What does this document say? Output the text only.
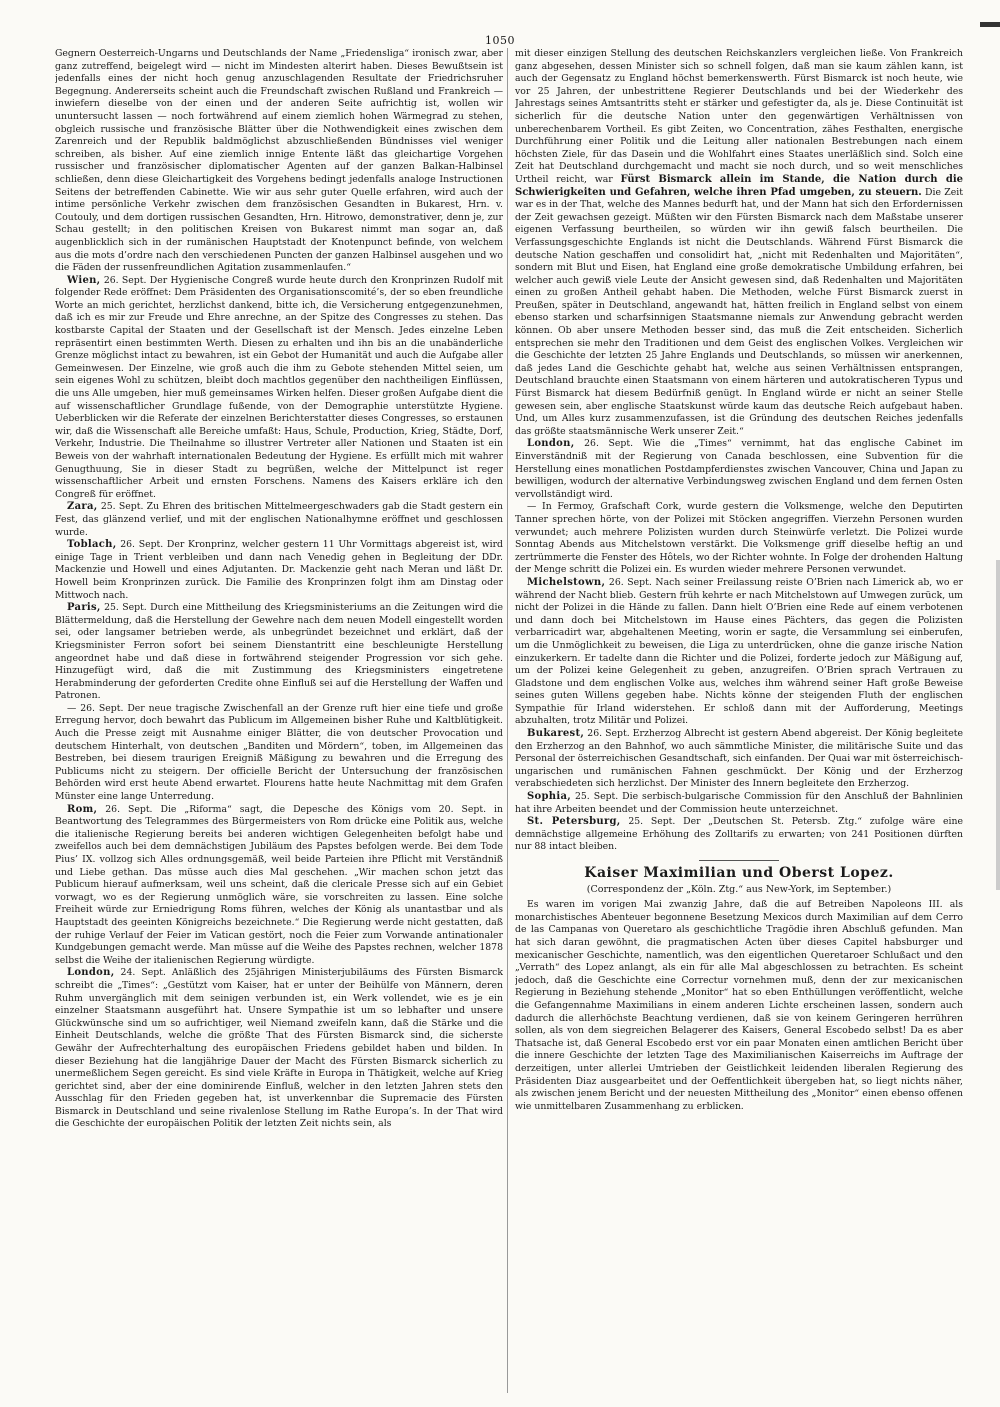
1050

Gegnern Oesterreich-Ungarns und Deutschlands der Name „Friedensliga“ ironisch zwar, aber ganz zutreffend, beigelegt wird — nicht im Mindesten alterirt haben. Dieses Bewußtsein ist jedenfalls eines der nicht hoch genug anzuschlagenden Resultate der Friedrichsruher Begegnung. Andererseits scheint auch die Freundschaft zwischen Rußland und Frankreich — inwiefern dieselbe von der einen und der anderen Seite aufrichtig ist, wollen wir ununtersucht lassen — noch fortwährend auf einem ziemlich hohen Wärmegrad zu stehen, obgleich russische und französische Blätter über die Nothwendigkeit eines zwischen dem Zarenreich und der Republik baldmöglichst abzuschließenden Bündnisses viel weniger schreiben, als bisher. Auf eine ziemlich innige Entente läßt das gleichartige Vorgehen russischer und französischer diplomatischer Agenten auf der ganzen Balkan-Halbinsel schließen, denn diese Gleichartigkeit des Vorgehens bedingt jedenfalls analoge Instructionen Seitens der betreffenden Cabinette. Wie wir aus sehr guter Quelle erfahren, wird auch der intime persönliche Verkehr zwischen dem französischen Gesandten in Bukarest, Hrn. v. Coutouly, und dem dortigen russischen Gesandten, Hrn. Hitrowo, demonstrativer, denn je, zur Schau gestellt; in den politischen Kreisen von Bukarest nimmt man sogar an, daß augenblicklich sich in der rumänischen Hauptstadt der Knotenpunct befinde, von welchem aus die mots d’ordre nach den verschiedenen Puncten der ganzen Halbinsel ausgehen und wo die Fäden der russenfreundlichen Agitation zusammenlaufen.“

Wien, 26. Sept. Der Hygienische Congreß wurde heute durch den Kronprinzen Rudolf mit folgender Rede eröffnet: Dem Präsidenten des Organisationscomité’s, der so eben freundliche Worte an mich gerichtet, herzlichst dankend, bitte ich, die Versicherung entgegenzunehmen, daß ich es mir zur Freude und Ehre anrechne, an der Spitze des Congresses zu stehen. Das kostbarste Capital der Staaten und der Gesellschaft ist der Mensch. Jedes einzelne Leben repräsentirt einen bestimmten Werth. Diesen zu erhalten und ihn bis an die unabänderliche Grenze möglichst intact zu bewahren, ist ein Gebot der Humanität und auch die Aufgabe aller Gemeinwesen. Der Einzelne, wie groß auch die ihm zu Gebote stehenden Mittel seien, um sein eigenes Wohl zu schützen, bleibt doch machtlos gegenüber den nachtheiligen Einflüssen, die uns Alle umgeben, hier muß gemeinsames Wirken helfen. Dieser großen Aufgabe dient die auf wissenschaftlicher Grundlage fußende, von der Demographie unterstützte Hygiene. Ueberblicken wir die Referate der einzelnen Berichterstatter dieses Congresses, so erstaunen wir, daß die Wissenschaft alle Bereiche umfaßt: Haus, Schule, Production, Krieg, Städte, Dorf, Verkehr, Industrie. Die Theilnahme so illustrer Vertreter aller Nationen und Staaten ist ein Beweis von der wahrhaft internationalen Bedeutung der Hygiene. Es erfüllt mich mit wahrer Genugthuung, Sie in dieser Stadt zu begrüßen, welche der Mittelpunct ist reger wissenschaftlicher Arbeit und ernsten Forschens. Namens des Kaisers erkläre ich den Congreß für eröffnet.

Zara, 25. Sept. Zu Ehren des britischen Mittelmeergeschwaders gab die Stadt gestern ein Fest, das glänzend verlief, und mit der englischen Nationalhymne eröffnet und geschlossen wurde.

Toblach, 26. Sept. Der Kronprinz, welcher gestern 11 Uhr Vormittags abgereist ist, wird einige Tage in Trient verbleiben und dann nach Venedig gehen in Begleitung der DDr. Mackenzie und Howell und eines Adjutanten. Dr. Mackenzie geht nach Meran und läßt Dr. Howell beim Kronprinzen zurück. Die Familie des Kronprinzen folgt ihm am Dinstag oder Mittwoch nach.

Paris, 25. Sept. Durch eine Mittheilung des Kriegsministeriums an die Zeitungen wird die Blättermeldung, daß die Herstellung der Gewehre nach dem neuen Modell eingestellt worden sei, oder langsamer betrieben werde, als unbegründet bezeichnet und erklärt, daß der Kriegsminister Ferron sofort bei seinem Dienstantritt eine beschleunigte Herstellung angeordnet habe und daß diese in fortwährend steigender Progression vor sich gehe. Hinzugefügt wird, daß die mit Zustimmung des Kriegsministers eingetretene Herabminderung der geforderten Credite ohne Einfluß sei auf die Herstellung der Waffen und Patronen.

— 26. Sept. Der neue tragische Zwischenfall an der Grenze ruft hier eine tiefe und große Erregung hervor, doch bewahrt das Publicum im Allgemeinen bisher Ruhe und Kaltblütigkeit. Auch die Presse zeigt mit Ausnahme einiger Blätter, die von deutscher Provocation und deutschem Hinterhalt, von deutschen „Banditen und Mördern“, toben, im Allgemeinen das Bestreben, bei diesem traurigen Ereigniß Mäßigung zu bewahren und die Erregung des Publicums nicht zu steigern. Der officielle Bericht der Untersuchung der französischen Behörden wird erst heute Abend erwartet. Flourens hatte heute Nachmittag mit dem Grafen Münster eine lange Unterredung.

Rom, 26. Sept. Die „Riforma“ sagt, die Depesche des Königs vom 20. Sept. in Beantwortung des Telegrammes des Bürgermeisters von Rom drücke eine Politik aus, welche die italienische Regierung bereits bei anderen wichtigen Gelegenheiten befolgt habe und zweifellos auch bei dem demnächstigen Jubiläum des Papstes befolgen werde. Bei dem Tode Pius’ IX. vollzog sich Alles ordnungsgemäß, weil beide Parteien ihre Pflicht mit Verständniß und Liebe gethan. Das müsse auch dies Mal geschehen. „Wir machen schon jetzt das Publicum hierauf aufmerksam, weil uns scheint, daß die clericale Presse sich auf ein Gebiet vorwagt, wo es der Regierung unmöglich wäre, sie vorschreiten zu lassen. Eine solche Freiheit würde zur Erniedrigung Roms führen, welches der König als unantastbar und als Hauptstadt des geeinten Königreichs bezeichnete.“ Die Regierung werde nicht gestatten, daß der ruhige Verlauf der Feier im Vatican gestört, noch die Feier zum Vorwande antinationaler Kundgebungen gemacht werde. Man müsse auf die Weihe des Papstes rechnen, welcher 1878 selbst die Weihe der italienischen Regierung würdigte.

London, 24. Sept. Anläßlich des 25jährigen Ministerjubiläums des Fürsten Bismarck schreibt die „Times“: „Gestützt vom Kaiser, hat er unter der Beihülfe von Männern, deren Ruhm unvergänglich mit dem seinigen verbunden ist, ein Werk vollendet, wie es je ein einzelner Staatsmann ausgeführt hat. Unsere Sympathie ist um so lebhafter und unsere Glückwünsche sind um so aufrichtiger, weil Niemand zweifeln kann, daß die Stärke und die Einheit Deutschlands, welche die größte That des Fürsten Bismarck sind, die sicherste Gewähr der Aufrechterhaltung des europäischen Friedens gebildet haben und bilden. In dieser Beziehung hat die langjährige Dauer der Macht des Fürsten Bismarck sicherlich zu unermeßlichem Segen gereicht. Es sind viele Kräfte in Europa in Thätigkeit, welche auf Krieg gerichtet sind, aber der eine dominirende Einfluß, welcher in den letzten Jahren stets den Ausschlag für den Frieden gegeben hat, ist unverkennbar die Supremacie des Fürsten Bismarck in Deutschland und seine rivalenlose Stellung im Rathe Europa’s. In der That wird die Geschichte der europäischen Politik der letzten Zeit nichts sein, als

mit dieser einzigen Stellung des deutschen Reichskanzlers vergleichen ließe. Von Frankreich ganz abgesehen, dessen Minister sich so schnell folgen, daß man sie kaum zählen kann, ist auch der Gegensatz zu England höchst bemerkenswerth. Fürst Bismarck ist noch heute, wie vor 25 Jahren, der unbestrittene Regierer Deutschlands und bei der Wiederkehr des Jahrestags seines Amtsantritts steht er stärker und gefestigter da, als je. Diese Continuität ist sicherlich für die deutsche Nation unter den gegenwärtigen Verhältnissen von unberechenbarem Vortheil. Es gibt Zeiten, wo Concentration, zähes Festhalten, energische Durchführung einer Politik und die Leitung aller nationalen Bestrebungen nach einem höchsten Ziele, für das Dasein und die Wohlfahrt eines Staates unerläßlich sind. Solch eine Zeit hat Deutschland durchgemacht und macht sie noch durch, und so weit menschliches Urtheil reicht, war Fürst Bismarck allein im Stande, die Nation durch die Schwierigkeiten und Gefahren, welche ihren Pfad umgeben, zu steuern. Die Zeit war es in der That, welche des Mannes bedurft hat, und der Mann hat sich den Erfordernissen der Zeit gewachsen gezeigt. Müßten wir den Fürsten Bismarck nach dem Maßstabe unserer eigenen Verfassung beurtheilen, so würden wir ihn gewiß falsch beurtheilen. Die Verfassungsgeschichte Englands ist nicht die Deutschlands. Während Fürst Bismarck die deutsche Nation geschaffen und consolidirt hat, „nicht mit Redenhalten und Majoritäten“, sondern mit Blut und Eisen, hat England eine große demokratische Umbildung erfahren, bei welcher auch gewiß viele Leute der Ansicht gewesen sind, daß Redenhalten und Majoritäten einen zu großen Antheil gehabt haben. Die Methoden, welche Fürst Bismarck zuerst in Preußen, später in Deutschland, angewandt hat, hätten freilich in England selbst von einem ebenso starken und scharfsinnigen Staatsmanne niemals zur Anwendung gebracht werden können. Ob aber unsere Methoden besser sind, das muß die Zeit entscheiden. Sicherlich entsprechen sie mehr den Traditionen und dem Geist des englischen Volkes. Vergleichen wir die Geschichte der letzten 25 Jahre Englands und Deutschlands, so müssen wir anerkennen, daß jedes Land die Geschichte gehabt hat, welche aus seinen Verhältnissen entsprangen, Deutschland brauchte einen Staatsmann von einem härteren und autokratischeren Typus und Fürst Bismarck hat diesem Bedürfniß genügt. In England würde er nicht an seiner Stelle gewesen sein, aber englische Staatskunst würde kaum das deutsche Reich aufgebaut haben. Und, um Alles kurz zusammenzufassen, ist die Gründung des deutschen Reiches jedenfalls das größte staatsmännische Werk unserer Zeit.“

London, 26. Sept. Wie die „Times“ vernimmt, hat das englische Cabinet im Einverständniß mit der Regierung von Canada beschlossen, eine Subvention für die Herstellung eines monatlichen Postdampferdienstes zwischen Vancouver, China und Japan zu bewilligen, wodurch der alternative Verbindungsweg zwischen England und dem fernen Osten vervollständigt wird.

— In Fermoy, Grafschaft Cork, wurde gestern die Volksmenge, welche den Deputirten Tanner sprechen hörte, von der Polizei mit Stöcken angegriffen. Vierzehn Personen wurden verwundet; auch mehrere Polizisten wurden durch Steinwürfe verletzt. Die Polizei wurde Sonntag Abends aus Mitchelstown verstärkt. Die Volksmenge griff dieselbe heftig an und zertrümmerte die Fenster des Hôtels, wo der Richter wohnte. In Folge der drohenden Haltung der Menge schritt die Polizei ein. Es wurden wieder mehrere Personen verwundet.

Michelstown, 26. Sept. Nach seiner Freilassung reiste O’Brien nach Limerick ab, wo er während der Nacht blieb. Gestern früh kehrte er nach Mitchelstown auf Umwegen zurück, um nicht der Polizei in die Hände zu fallen. Dann hielt O’Brien eine Rede auf einem verbotenen und dann doch bei Mitchelstown im Hause eines Pächters, das gegen die Polizisten verbarricadirt war, abgehaltenen Meeting, worin er sagte, die Versammlung sei einberufen, um die Unmöglichkeit zu beweisen, die Liga zu unterdrücken, ohne die ganze irische Nation einzukerkern. Er tadelte dann die Richter und die Polizei, forderte jedoch zur Mäßigung auf, um der Polizei keine Gelegenheit zu geben, anzugreifen. O’Brien sprach Vertrauen zu Gladstone und dem englischen Volke aus, welches ihm während seiner Haft große Beweise seines guten Willens gegeben habe. Nichts könne der steigenden Fluth der englischen Sympathie für Irland widerstehen. Er schloß dann mit der Aufforderung, Meetings abzuhalten, trotz Militär und Polizei.

Bukarest, 26. Sept. Erzherzog Albrecht ist gestern Abend abgereist. Der König begleitete den Erzherzog an den Bahnhof, wo auch sämmtliche Minister, die militärische Suite und das Personal der österreichischen Gesandtschaft, sich einfanden. Der Quai war mit österreichisch-ungarischen und rumänischen Fahnen geschmückt. Der König und der Erzherzog verabschiedeten sich herzlichst. Der Minister des Innern begleitete den Erzherzog.

Sophia, 25. Sept. Die serbisch-bulgarische Commission für den Anschluß der Bahnlinien hat ihre Arbeiten beendet und der Commission heute unterzeichnet.

St. Petersburg, 25. Sept. Der „Deutschen St. Petersb. Ztg.“ zufolge wäre eine demnächstige allgemeine Erhöhung des Zolltarifs zu erwarten; von 241 Positionen dürften nur 88 intact bleiben.

Kaiser Maximilian und Oberst Lopez.
(Correspondenz der „Köln. Ztg.“ aus New-York, im September.)

Es waren im vorigen Mai zwanzig Jahre, daß die auf Betreiben Napoleons III. als monarchistisches Abenteuer begonnene Besetzung Mexicos durch Maximilian auf dem Cerro de las Campanas von Queretaro als geschichtliche Tragödie ihren Abschluß gefunden. Man hat sich daran gewöhnt, die pragmatischen Acten über dieses Capitel habsburger und mexicanischer Geschichte, namentlich, was den eigentlichen Queretaroer Schlußact und den „Verrath“ des Lopez anlangt, als ein für alle Mal abgeschlossen zu betrachten. Es scheint jedoch, daß die Geschichte eine Correctur vornehmen muß, denn der zur mexicanischen Regierung in Beziehung stehende „Monitor“ hat so eben Enthüllungen veröffentlicht, welche die Gefangennahme Maximilians in einem anderen Lichte erscheinen lassen, sondern auch dadurch die allerhöchste Beachtung verdienen, daß sie von keinem Geringeren herrühren sollen, als von dem siegreichen Belagerer des Kaisers, General Escobedo selbst! Da es aber Thatsache ist, daß General Escobedo erst vor ein paar Monaten einen amtlichen Bericht über die innere Geschichte der letzten Tage des Maximilianischen Kaiserreichs im Auftrage der derzeitigen, unter allerlei Umtrieben der Geistlichkeit leidenden liberalen Regierung des Präsidenten Diaz ausgearbeitet und der Oeffentlichkeit übergeben hat, so liegt nichts näher, als zwischen jenem Bericht und der neuesten Mittheilung des „Monitor“ einen ebenso offenen wie unmittelbaren Zusammenhang zu erblicken.
